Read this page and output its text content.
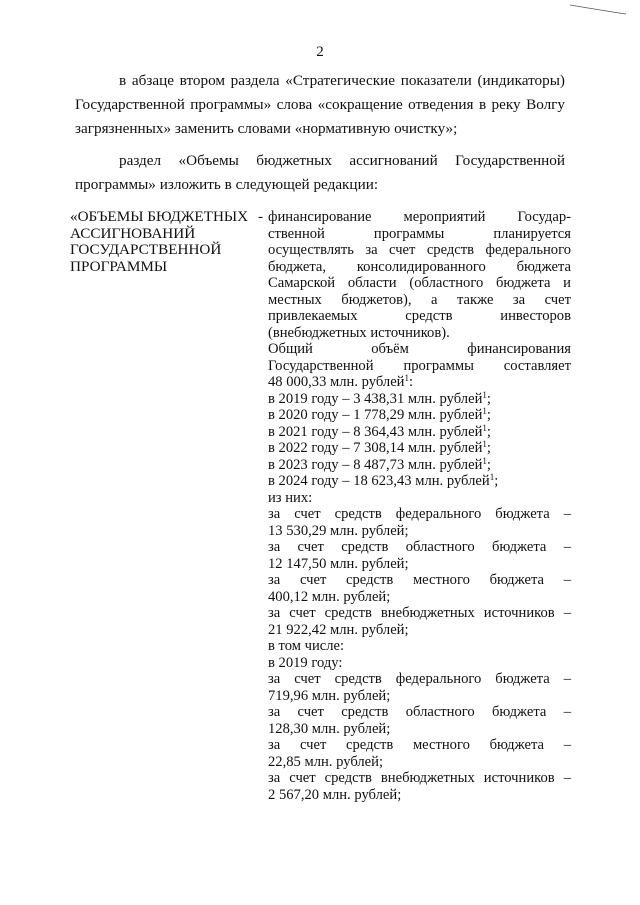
2
в абзаце втором раздела «Стратегические показатели (индикаторы) Государственной программы» слова «сокращение отведения в реку Волгу загрязненных» заменить словами «нормативную очистку»;
раздел «Объемы бюджетных ассигнований Государственной программы» изложить в следующей редакции:
«ОБЪЕМЫ БЮДЖЕТНЫХ
АССИГНОВАНИЙ
ГОСУДАРСТВЕННОЙ
ПРОГРАММЫ
- финансирование мероприятий Государ-
ственной программы планируется
осуществлять за счет средств федерального
бюджета, консолидированного бюджета
Самарской области (областного бюджета и
местных бюджетов), а также за счет
привлекаемых средств инвесторов
(внебюджетных источников).
Общий объём финансирования
Государственной программы составляет
48 000,33 млн. рублей$^1$:
в 2019 году – 3 438,31 млн. рублей$^1$;
в 2020 году – 1 778,29 млн. рублей$^1$;
в 2021 году – 8 364,43 млн. рублей$^1$;
в 2022 году – 7 308,14 млн. рублей$^1$;
в 2023 году – 8 487,73 млн. рублей$^1$;
в 2024 году – 18 623,43 млн. рублей$^1$;
из них:
за счет средств федерального бюджета –
13 530,29 млн. рублей;
за счет средств областного бюджета –
12 147,50 млн. рублей;
за счет средств местного бюджета –
400,12 млн. рублей;
за счет средств внебюджетных источников –
21 922,42 млн. рублей;
в том числе:
в 2019 году:
за счет средств федерального бюджета –
719,96 млн. рублей;
за счет средств областного бюджета –
128,30 млн. рублей;
за счет средств местного бюджета –
22,85 млн. рублей;
за счет средств внебюджетных источников –
2 567,20 млн. рублей;
